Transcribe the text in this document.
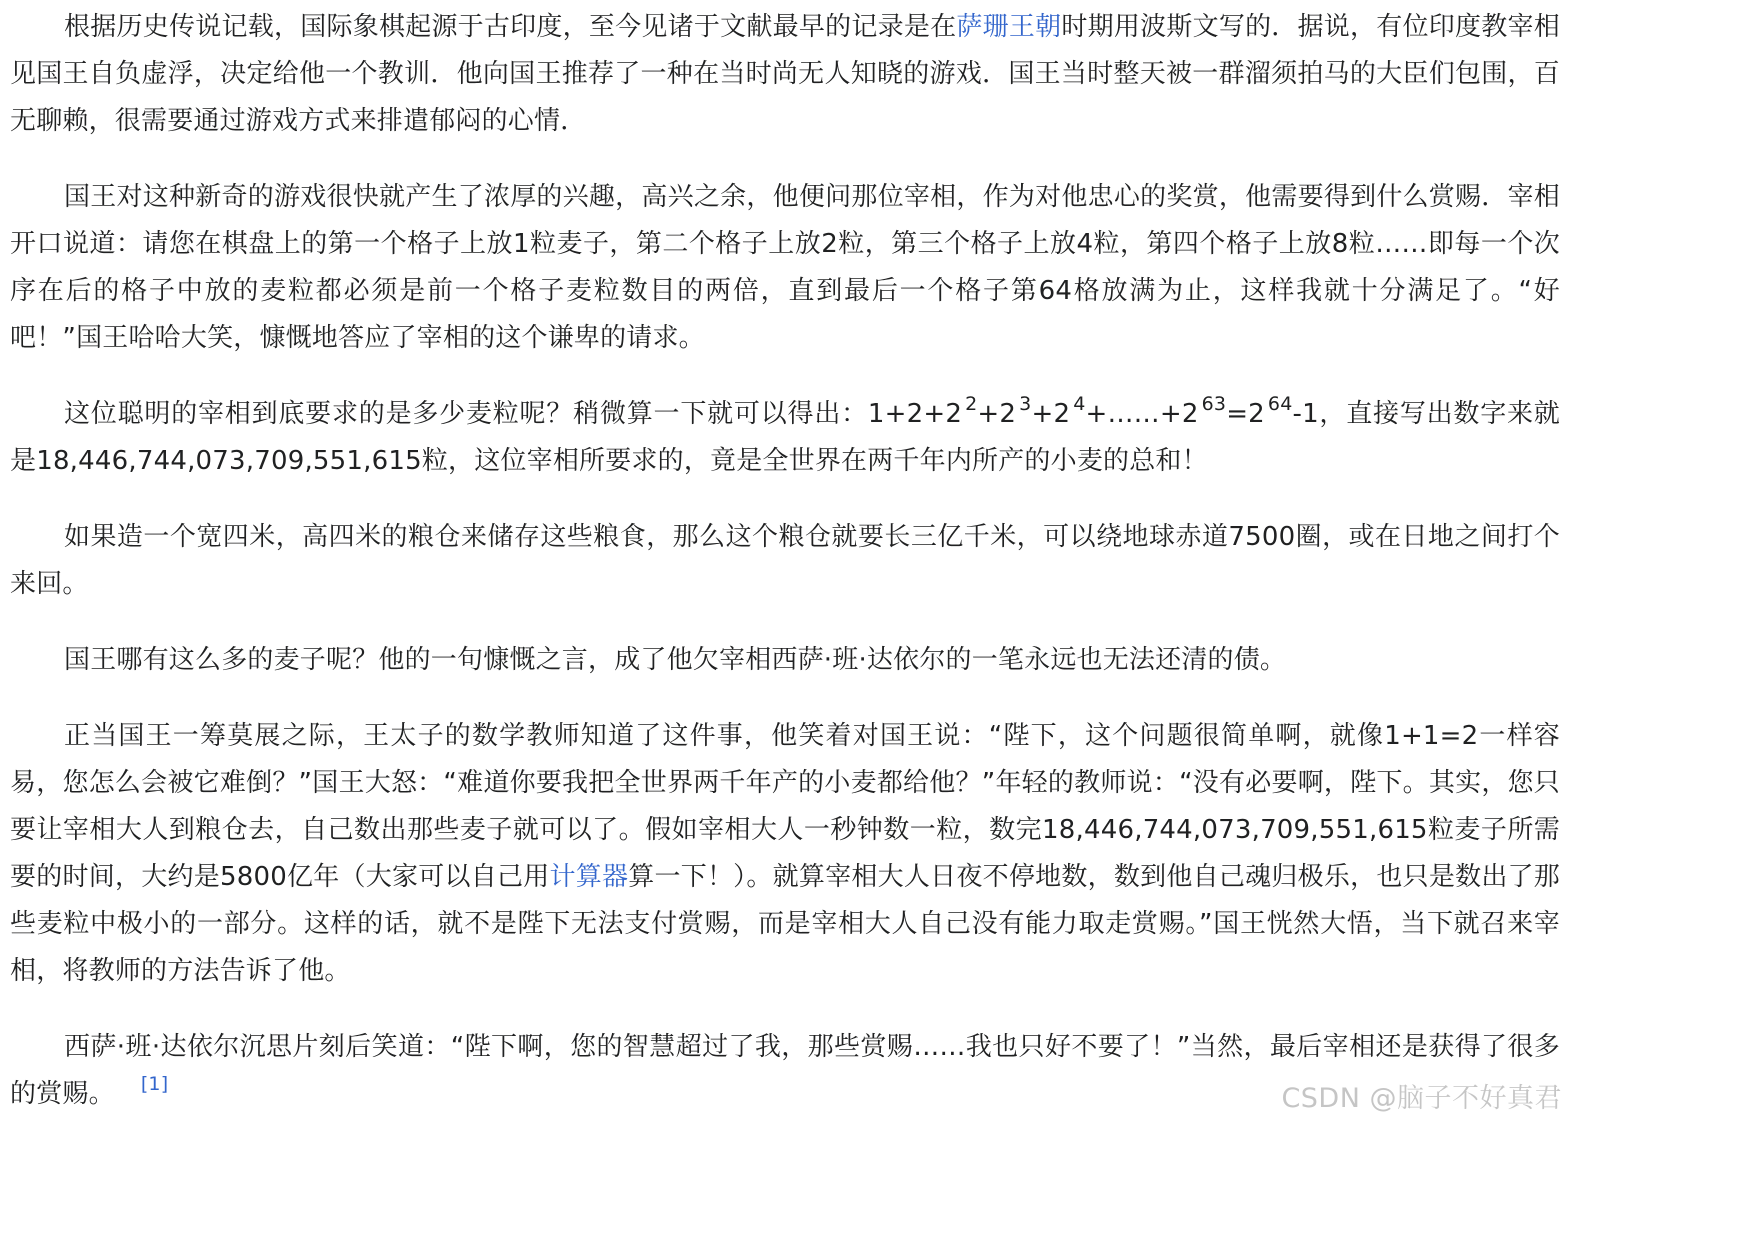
根据历史传说记载，国际象棋起源于古印度，至今见诸于文献最早的记录是在萨珊王朝时期用波斯文写的．据说，有位印度教宰相见国王自负虚浮，决定给他一个教训．他向国王推荐了一种在当时尚无人知晓的游戏．国王当时整天被一群溜须拍马的大臣们包围，百无聊赖，很需要通过游戏方式来排遣郁闷的心情．

国王对这种新奇的游戏很快就产生了浓厚的兴趣，高兴之余，他便问那位宰相，作为对他忠心的奖赏，他需要得到什么赏赐．宰相开口说道：请您在棋盘上的第一个格子上放1粒麦子，第二个格子上放2粒，第三个格子上放4粒，第四个格子上放8粒……即每一个次序在后的格子中放的麦粒都必须是前一个格子麦粒数目的两倍，直到最后一个格子第64格放满为止，这样我就十分满足了。“好吧！”国王哈哈大笑，慷慨地答应了宰相的这个谦卑的请求。

这位聪明的宰相到底要求的是多少麦粒呢？稍微算一下就可以得出：1+2+2 $^2$+2 $^3$+2 $^4$+……+2 $^{63}$=2 $^{64}$-1，直接写出数字来就是18,446,744,073,709,551,615粒，这位宰相所要求的，竟是全世界在两千年内所产的小麦的总和！

如果造一个宽四米，高四米的粮仓来储存这些粮食，那么这个粮仓就要长三亿千米，可以绕地球赤道7500圈，或在日地之间打个来回。

国王哪有这么多的麦子呢？他的一句慷慨之言，成了他欠宰相西萨·班·达依尔的一笔永远也无法还清的债。

正当国王一筹莫展之际，王太子的数学教师知道了这件事，他笑着对国王说：“陛下，这个问题很简单啊，就像1+1=2一样容易，您怎么会被它难倒？”国王大怒：“难道你要我把全世界两千年产的小麦都给他？”年轻的教师说：“没有必要啊，陛下。其实，您只要让宰相大人到粮仓去，自己数出那些麦子就可以了。假如宰相大人一秒钟数一粒，数完18,446,744,073,709,551,615粒麦子所需要的时间，大约是5800亿年（大家可以自己用计算器算一下！）。就算宰相大人日夜不停地数，数到他自己魂归极乐，也只是数出了那些麦粒中极小的一部分。这样的话，就不是陛下无法支付赏赐，而是宰相大人自己没有能力取走赏赐。”国王恍然大悟，当下就召来宰相，将教师的方法告诉了他。

西萨·班·达依尔沉思片刻后笑道：“陛下啊，您的智慧超过了我，那些赏赐……我也只好不要了！”当然，最后宰相还是获得了很多的赏赐。 [1]	CSDN @脑子不好真君
